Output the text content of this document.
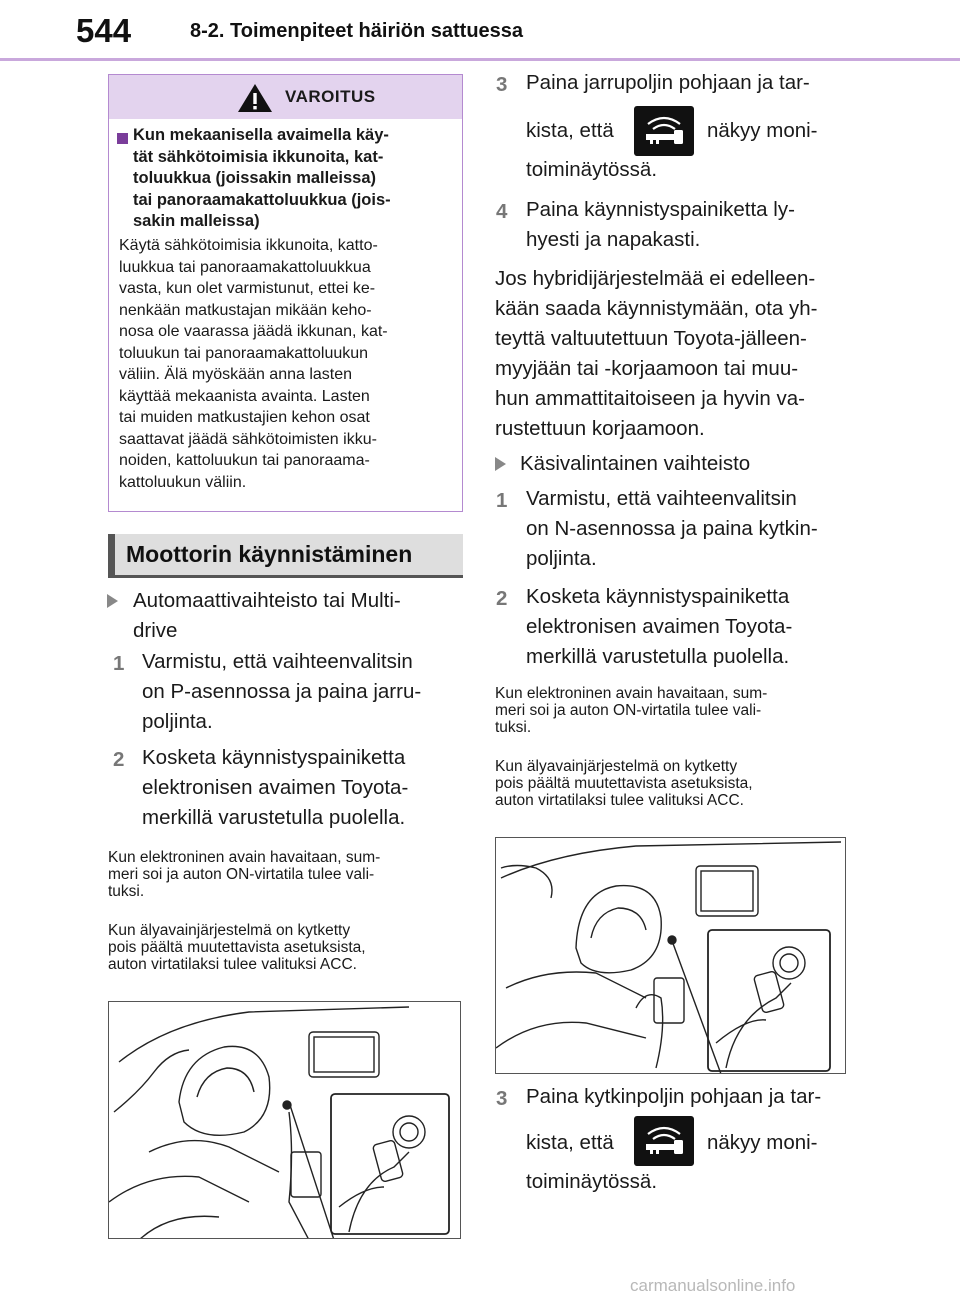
544	8-2. Toimenpiteet häiriön sattuessa
VAROITUS
Kun mekaanisella avaimella käy-
tät sähkötoimisia ikkunoita, kat-
toluukkua (joissakin malleissa)
tai panoraamakattoluukkua (jois-
sakin malleissa)
Käytä sähkötoimisia ikkunoita, katto-
luukkua tai panoraamakattoluukkua
vasta, kun olet varmistunut, ettei ke-
nenkään matkustajan mikään keho-
nosa ole vaarassa jäädä ikkunan, kat-
toluukun tai panoraamakattoluukun
väliin. Älä myöskään anna lasten
käyttää mekaanista avainta. Lasten
tai muiden matkustajien kehon osat
saattavat jäädä sähkötoimisten ikku-
noiden, kattoluukun tai panoraama-
kattoluukun väliin.
Moottorin käynnistäminen
Automaattivaihteisto tai Multi-
drive
1 Varmistu, että vaihteenvalitsin
on P-asennossa ja paina jarru-
poljinta.
2 Kosketa käynnistyspainiketta
elektronisen avaimen Toyota-
merkillä varustetulla puolella.
Kun elektroninen avain havaitaan, sum-
meri soi ja auton ON-virtatila tulee vali-
tuksi.
Kun älyavainjärjestelmä on kytketty
pois päältä muutettavista asetuksista,
auton virtatilaksi tulee valituksi ACC.
3 Paina jarrupoljin pohjaan ja tar-
kista, että	näkyy moni-
toiminäytössä.
4 Paina käynnistyspainiketta ly-
hyesti ja napakasti.
Jos hybridijärjestelmää ei edelleen-
kään saada käynnistymään, ota yh-
teyttä valtuutettuun Toyota-jälleen-
myyjään tai -korjaamoon tai muu-
hun ammattitaitoiseen ja hyvin va-
rustettuun korjaamoon.
Käsivalintainen vaihteisto
1 Varmistu, että vaihteenvalitsin
on N-asennossa ja paina kytkin-
poljinta.
2 Kosketa käynnistyspainiketta
elektronisen avaimen Toyota-
merkillä varustetulla puolella.
Kun elektroninen avain havaitaan, sum-
meri soi ja auton ON-virtatila tulee vali-
tuksi.
Kun älyavainjärjestelmä on kytketty
pois päältä muutettavista asetuksista,
auton virtatilaksi tulee valituksi ACC.
3 Paina kytkinpoljin pohjaan ja tar-
kista, että	näkyy moni-
toiminäytössä.
carmanualsonline.info
